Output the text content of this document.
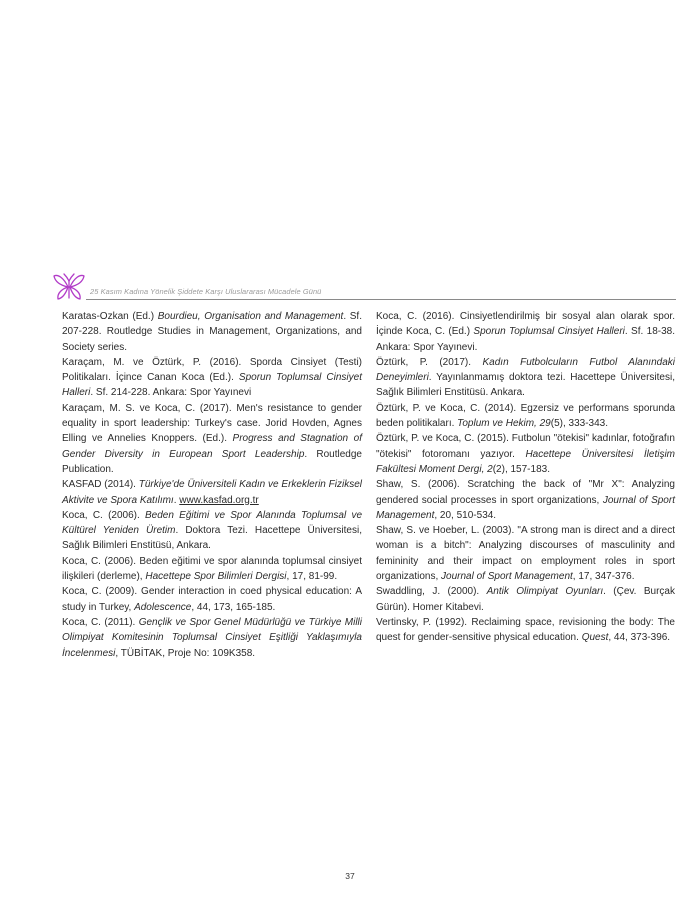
25 Kasım Kadına Yönelik Şiddete Karşı Uluslararası Mücadele Günü

Karatas-Ozkan (Ed.) Bourdieu, Organisation and Management. Sf. 207-228. Routledge Studies in Management, Organizations, and Society series.

Karaçam, M. ve Öztürk, P. (2016). Sporda Cinsiyet (Testi) Politikaları. İçince Canan Koca (Ed.). Sporun Toplumsal Cinsiyet Halleri. Sf. 214-228. Ankara: Spor Yayınevi

Karaçam, M. S. ve Koca, C. (2017). Men's resistance to gender equality in sport leadership: Turkey's case. Jorid Hovden, Agnes Elling ve Annelies Knoppers. (Ed.). Progress and Stagnation of Gender Diversity in European Sport Leadership. Routledge Publication.

KASFAD (2014). Türkiye'de Üniversiteli Kadın ve Erkeklerin Fiziksel Aktivite ve Spora Katılımı. www.kasfad.org.tr

Koca, C. (2006). Beden Eğitimi ve Spor Alanında Toplumsal ve Kültürel Yeniden Üretim. Doktora Tezi. Hacettepe Üniversitesi, Sağlık Bilimleri Enstitüsü, Ankara.

Koca, C. (2006). Beden eğitimi ve spor alanında toplumsal cinsiyet ilişkileri (derleme), Hacettepe Spor Bilimleri Dergisi, 17, 81-99.

Koca, C. (2009). Gender interaction in coed physical education: A study in Turkey, Adolescence, 44, 173, 165-185.

Koca, C. (2011). Gençlik ve Spor Genel Müdürlüğü ve Türkiye Milli Olimpiyat Komitesinin Toplumsal Cinsiyet Eşitliği Yaklaşımıyla İncelenmesi, TÜBİTAK, Proje No: 109K358.

Koca, C. (2016). Cinsiyetlendirilmiş bir sosyal alan olarak spor. İçinde Koca, C. (Ed.) Sporun Toplumsal Cinsiyet Halleri. Sf. 18-38. Ankara: Spor Yayınevi.

Öztürk, P. (2017). Kadın Futbolcuların Futbol Alanındaki Deneyimleri. Yayınlanmamış doktora tezi. Hacettepe Üniversitesi, Sağlık Bilimleri Enstitüsü. Ankara.

Öztürk, P. ve Koca, C. (2014). Egzersiz ve performans sporunda beden politikaları. Toplum ve Hekim, 29(5), 333-343.

Öztürk, P. ve Koca, C. (2015). Futbolun "ötekisi" kadınlar, fotoğrafın "ötekisi" fotoromanı yazıyor. Hacettepe Üniversitesi İletişim Fakültesi Moment Dergi, 2(2), 157-183.

Shaw, S. (2006). Scratching the back of "Mr X": Analyzing gendered social processes in sport organizations, Journal of Sport Management, 20, 510-534.

Shaw, S. ve Hoeber, L. (2003). "A strong man is direct and a direct woman is a bitch": Analyzing discourses of masculinity and femininity and their impact on employment roles in sport organizations, Journal of Sport Management, 17, 347-376.

Swaddling, J. (2000). Antik Olimpiyat Oyunları. (Çev. Burçak Gürün). Homer Kitabevi.

Vertinsky, P. (1992). Reclaiming space, revisioning the body: The quest for gender-sensitive physical education. Quest, 44, 373-396.

37
